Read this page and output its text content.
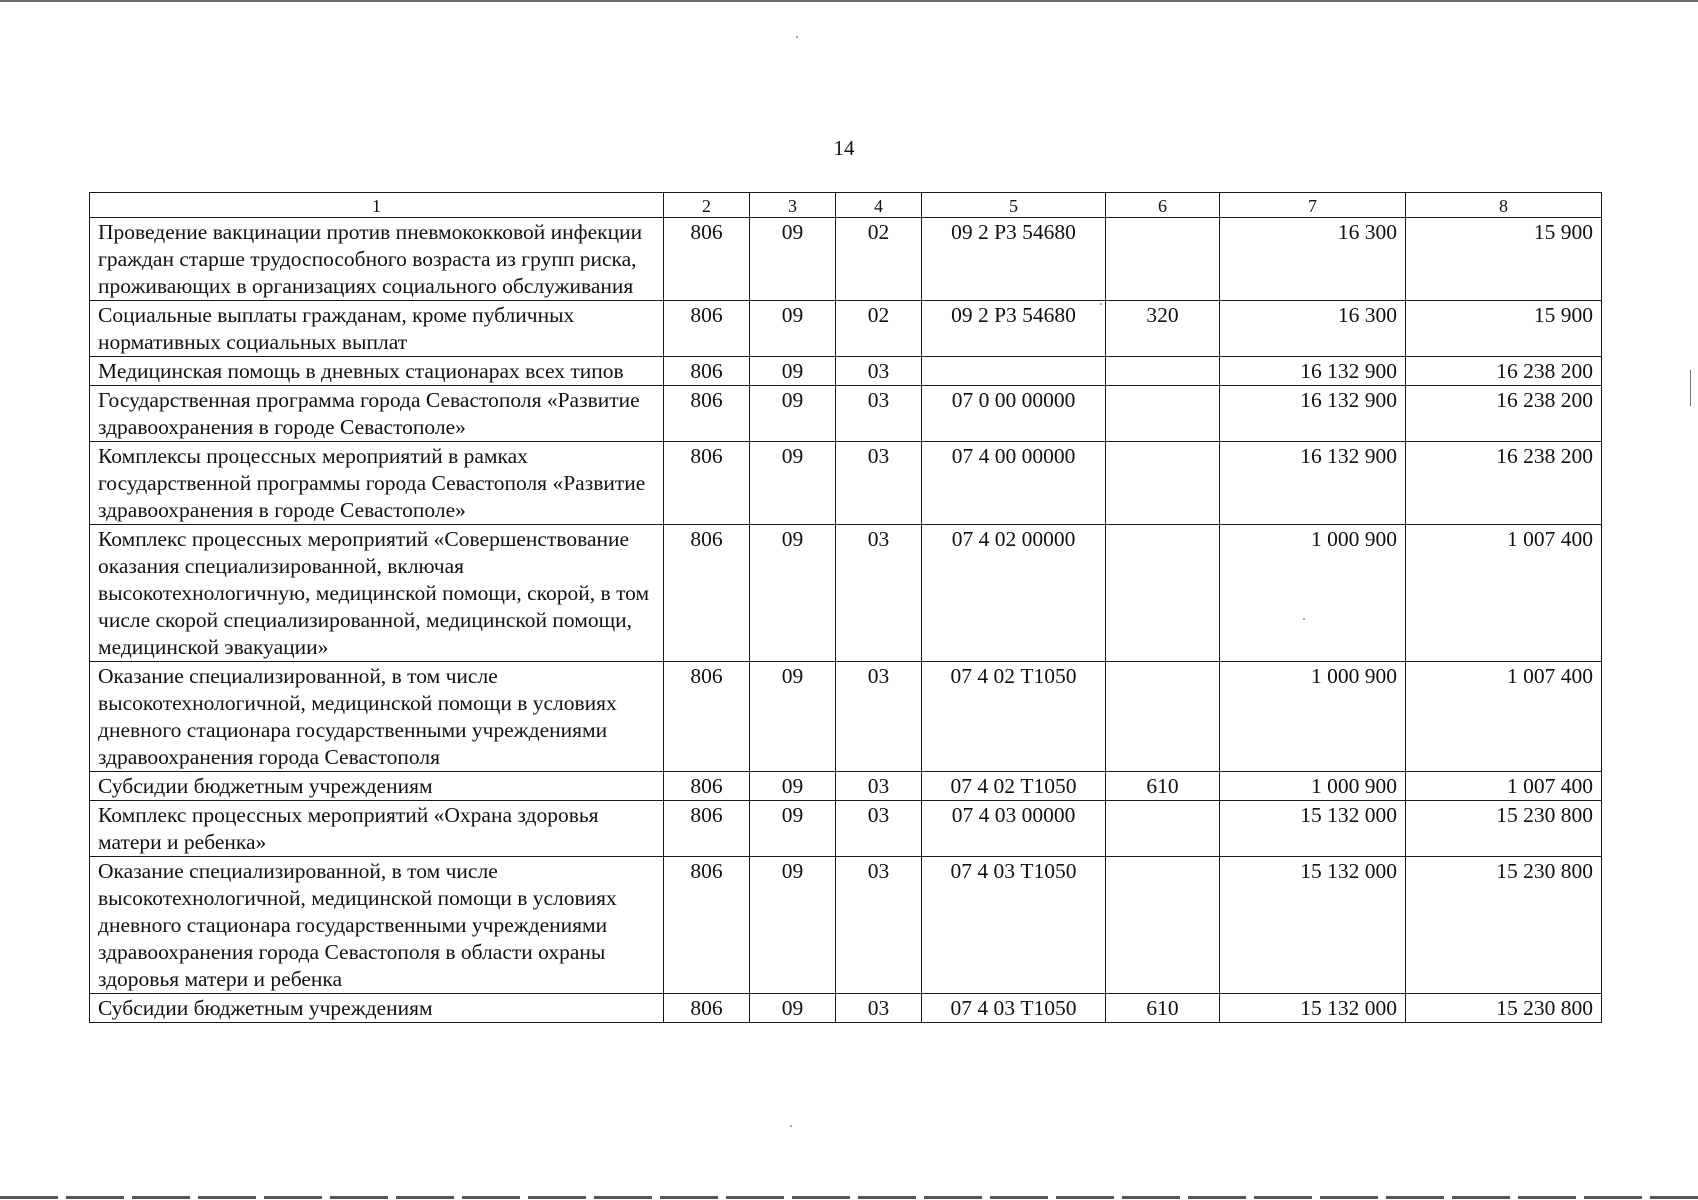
14
1	2	3	4	5	6	7	8
Проведение вакцинации против пневмококковой инфекции граждан старше трудоспособного возраста из групп риска, проживающих в организациях социального обслуживания	806	09	02	09 2 Р3 54680		16 300	15 900
Социальные выплаты гражданам, кроме публичных нормативных социальных выплат	806	09	02	09 2 Р3 54680	320	16 300	15 900
Медицинская помощь в дневных стационарах всех типов	806	09	03			16 132 900	16 238 200
Государственная программа города Севастополя «Развитие здравоохранения в городе Севастополе»	806	09	03	07 0 00 00000		16 132 900	16 238 200
Комплексы процессных мероприятий в рамках государственной программы города Севастополя «Развитие здравоохранения в городе Севастополе»	806	09	03	07 4 00 00000		16 132 900	16 238 200
Комплекс процессных мероприятий «Совершенствование оказания специализированной, включая высокотехнологичную, медицинской помощи, скорой, в том числе скорой специализированной, медицинской помощи, медицинской эвакуации»	806	09	03	07 4 02 00000		1 000 900	1 007 400
Оказание специализированной, в том числе высокотехнологичной, медицинской помощи в условиях дневного стационара государственными учреждениями здравоохранения города Севастополя	806	09	03	07 4 02 Т1050		1 000 900	1 007 400
Субсидии бюджетным учреждениям	806	09	03	07 4 02 Т1050	610	1 000 900	1 007 400
Комплекс процессных мероприятий «Охрана здоровья матери и ребенка»	806	09	03	07 4 03 00000		15 132 000	15 230 800
Оказание специализированной, в том числе высокотехнологичной, медицинской помощи в условиях дневного стационара государственными учреждениями здравоохранения города Севастополя в области охраны здоровья матери и ребенка	806	09	03	07 4 03 Т1050		15 132 000	15 230 800
Субсидии бюджетным учреждениям	806	09	03	07 4 03 Т1050	610	15 132 000	15 230 800
